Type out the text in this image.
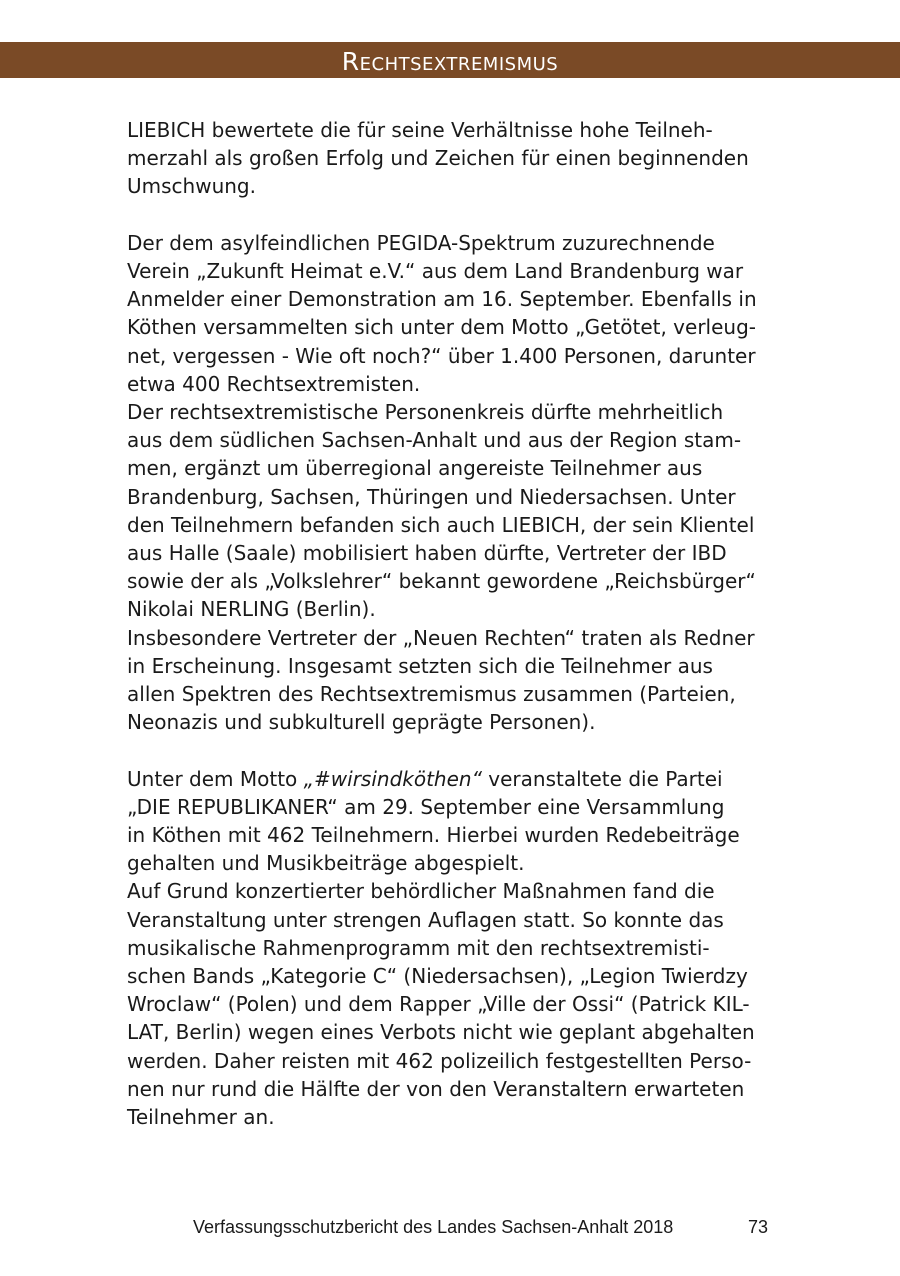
Rechtsextremismus
LIEBICH bewertete die für seine Verhältnisse hohe Teilneh-
merzahl als großen Erfolg und Zeichen für einen beginnenden
Umschwung.
Der dem asylfeindlichen PEGIDA-Spektrum zuzurechnende
Verein „Zukunft Heimat e.V.“ aus dem Land Brandenburg war
Anmelder einer Demonstration am 16. September. Ebenfalls in
Köthen versammelten sich unter dem Motto „Getötet, verleug-
net, vergessen - Wie oft noch?“ über 1.400 Personen, darunter
etwa 400 Rechtsextremisten.
Der rechtsextremistische Personenkreis dürfte mehrheitlich
aus dem südlichen Sachsen-Anhalt und aus der Region stam-
men, ergänzt um überregional angereiste Teilnehmer aus
Brandenburg, Sachsen, Thüringen und Niedersachsen. Unter
den Teilnehmern befanden sich auch LIEBICH, der sein Klientel
aus Halle (Saale) mobilisiert haben dürfte, Vertreter der IBD
sowie der als „Volkslehrer“ bekannt gewordene „Reichsbürger“
Nikolai NERLING (Berlin).
Insbesondere Vertreter der „Neuen Rechten“ traten als Redner
in Erscheinung. Insgesamt setzten sich die Teilnehmer aus
allen Spektren des Rechtsextremismus zusammen (Parteien,
Neonazis und subkulturell geprägte Personen).
Unter dem Motto „#wirsindköthen“ veranstaltete die Partei
„DIE REPUBLIKANER“ am 29. September eine Versammlung
in Köthen mit 462 Teilnehmern. Hierbei wurden Redebeiträge
gehalten und Musikbeiträge abgespielt.
Auf Grund konzertierter behördlicher Maßnahmen fand die
Veranstaltung unter strengen Auflagen statt. So konnte das
musikalische Rahmenprogramm mit den rechtsextremisti-
schen Bands „Kategorie C“ (Niedersachsen), „Legion Twierdzy
Wroclaw“ (Polen) und dem Rapper „Ville der Ossi“ (Patrick KIL-
LAT, Berlin) wegen eines Verbots nicht wie geplant abgehalten
werden. Daher reisten mit 462 polizeilich festgestellten Perso-
nen nur rund die Hälfte der von den Veranstaltern erwarteten
Teilnehmer an.
Verfassungsschutzbericht des Landes Sachsen-Anhalt 2018	73
